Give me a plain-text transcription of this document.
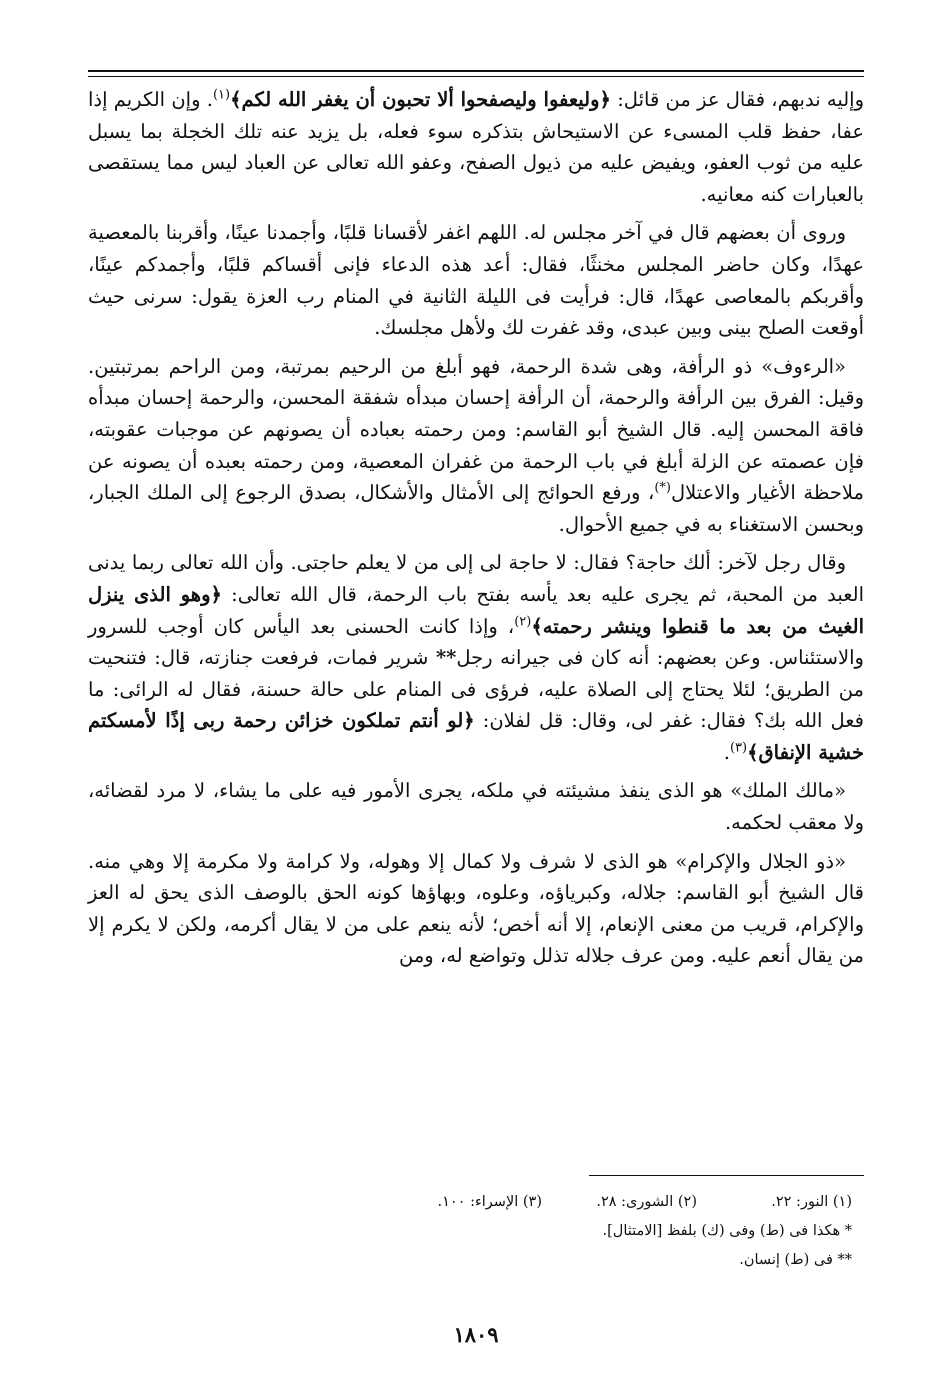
وإليه ندبهم، فقال عز من قائل: ﴿وليعفوا وليصفحوا ألا تحبون أن يغفر الله لكم﴾$^{(١)}$. وإن الكريم إذا عفا، حفظ قلب المسىء عن الاستيحاش بتذكره سوء فعله، بل يزيد عنه تلك الخجلة بما يسبل عليه من ثوب العفو، ويفيض عليه من ذيول الصفح، وعفو الله تعالى عن العباد ليس مما يستقصى بالعبارات كنه معانيه.

وروى أن بعضهم قال في آخر مجلس له. اللهم اغفر لأقسانا قلبًا، وأجمدنا عينًا، وأقربنا بالمعصية عهدًا، وكان حاضر المجلس مخنثًا، فقال: أعد هذه الدعاء فإنى أقساكم قلبًا، وأجمدكم عينًا، وأقربكم بالمعاصى عهدًا، قال: فرأيت فى الليلة الثانية في المنام رب العزة يقول: سرنى حيث أوقعت الصلح بينى وبين عبدى، وقد غفرت لك ولأهل مجلسك.

«الرءوف» ذو الرأفة، وهى شدة الرحمة، فهو أبلغ من الرحيم بمرتبة، ومن الراحم بمرتبتين. وقيل: الفرق بين الرأفة والرحمة، أن الرأفة إحسان مبدأه شفقة المحسن، والرحمة إحسان مبدأه فاقة المحسن إليه. قال الشيخ أبو القاسم: ومن رحمته بعباده أن يصونهم عن موجبات عقوبته، فإن عصمته عن الزلة أبلغ في باب الرحمة من غفران المعصية، ومن رحمته بعبده أن يصونه عن ملاحظة الأغيار والاعتلال(*)، ورفع الحوائج إلى الأمثال والأشكال، بصدق الرجوع إلى الملك الجبار، وبحسن الاستغناء به في جميع الأحوال.

وقال رجل لآخر: ألك حاجة؟ فقال: لا حاجة لى إلى من لا يعلم حاجتى. وأن الله تعالى ربما يدنى العبد من المحبة، ثم يجرى عليه بعد يأسه بفتح باب الرحمة، قال الله تعالى: ﴿وهو الذى ينزل الغيث من بعد ما قنطوا وينشر رحمته﴾$^{(٢)}$، وإذا كانت الحسنى بعد اليأس كان أوجب للسرور والاستئناس. وعن بعضهم: أنه كان فى جيرانه رجل** شرير فمات، فرفعت جنازته، قال: فتنحيت من الطريق؛ لئلا يحتاج إلى الصلاة عليه، فرؤى فى المنام على حالة حسنة، فقال له الرائى: ما فعل الله بك؟ فقال: غفر لى، وقال: قل لفلان: ﴿لو أنتم تملكون خزائن رحمة ربى إذًا لأمسكتم خشية الإنفاق﴾$^{(٣)}$.

«مالك الملك» هو الذى ينفذ مشيئته في ملكه، يجرى الأمور فيه على ما يشاء، لا مرد لقضائه، ولا معقب لحكمه.

«ذو الجلال والإكرام» هو الذى لا شرف ولا كمال إلا وهوله، ولا كرامة ولا مكرمة إلا وهي منه. قال الشيخ أبو القاسم: جلاله، وكبرياؤه، وعلوه، وبهاؤها كونه الحق بالوصف الذى يحق له العز والإكرام، قريب من معنى الإنعام، إلا أنه أخص؛ لأنه ينعم على من لا يقال أكرمه، ولكن لا يكرم إلا من يقال أنعم عليه. ومن عرف جلاله تذلل وتواضع له، ومن

(١) النور: ٢٢.
(٢) الشورى: ٢٨.
(٣) الإسراء: ١٠٠.
* هكذا فى (ط) وفى (ك) بلفظ [الامتثال].
** فى (ط) إنسان.
١٨٠٩
